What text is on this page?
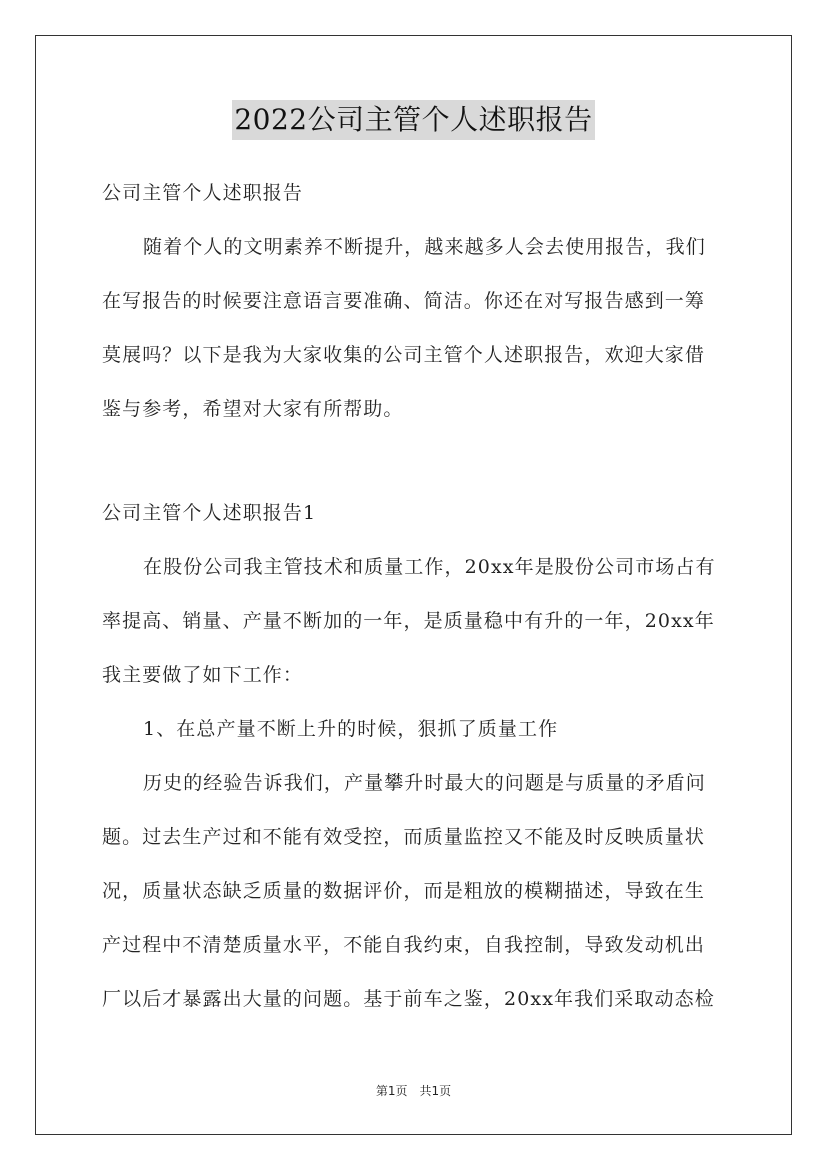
2022公司主管个人述职报告
公司主管个人述职报告
随着个人的文明素养不断提升，越来越多人会去使用报告，我们
在写报告的时候要注意语言要准确、简洁。你还在对写报告感到一筹
莫展吗？以下是我为大家收集的公司主管个人述职报告，欢迎大家借
鉴与参考，希望对大家有所帮助。
公司主管个人述职报告1
在股份公司我主管技术和质量工作，20xx年是股份公司市场占有
率提高、销量、产量不断加的一年，是质量稳中有升的一年，20xx年
我主要做了如下工作：
1、在总产量不断上升的时候，狠抓了质量工作
历史的经验告诉我们，产量攀升时最大的问题是与质量的矛盾问
题。过去生产过和不能有效受控，而质量监控又不能及时反映质量状
况，质量状态缺乏质量的数据评价，而是粗放的模糊描述，导致在生
产过程中不清楚质量水平，不能自我约束，自我控制，导致发动机出
厂以后才暴露出大量的问题。基于前车之鉴，20xx年我们采取动态检
第1页 共1页
